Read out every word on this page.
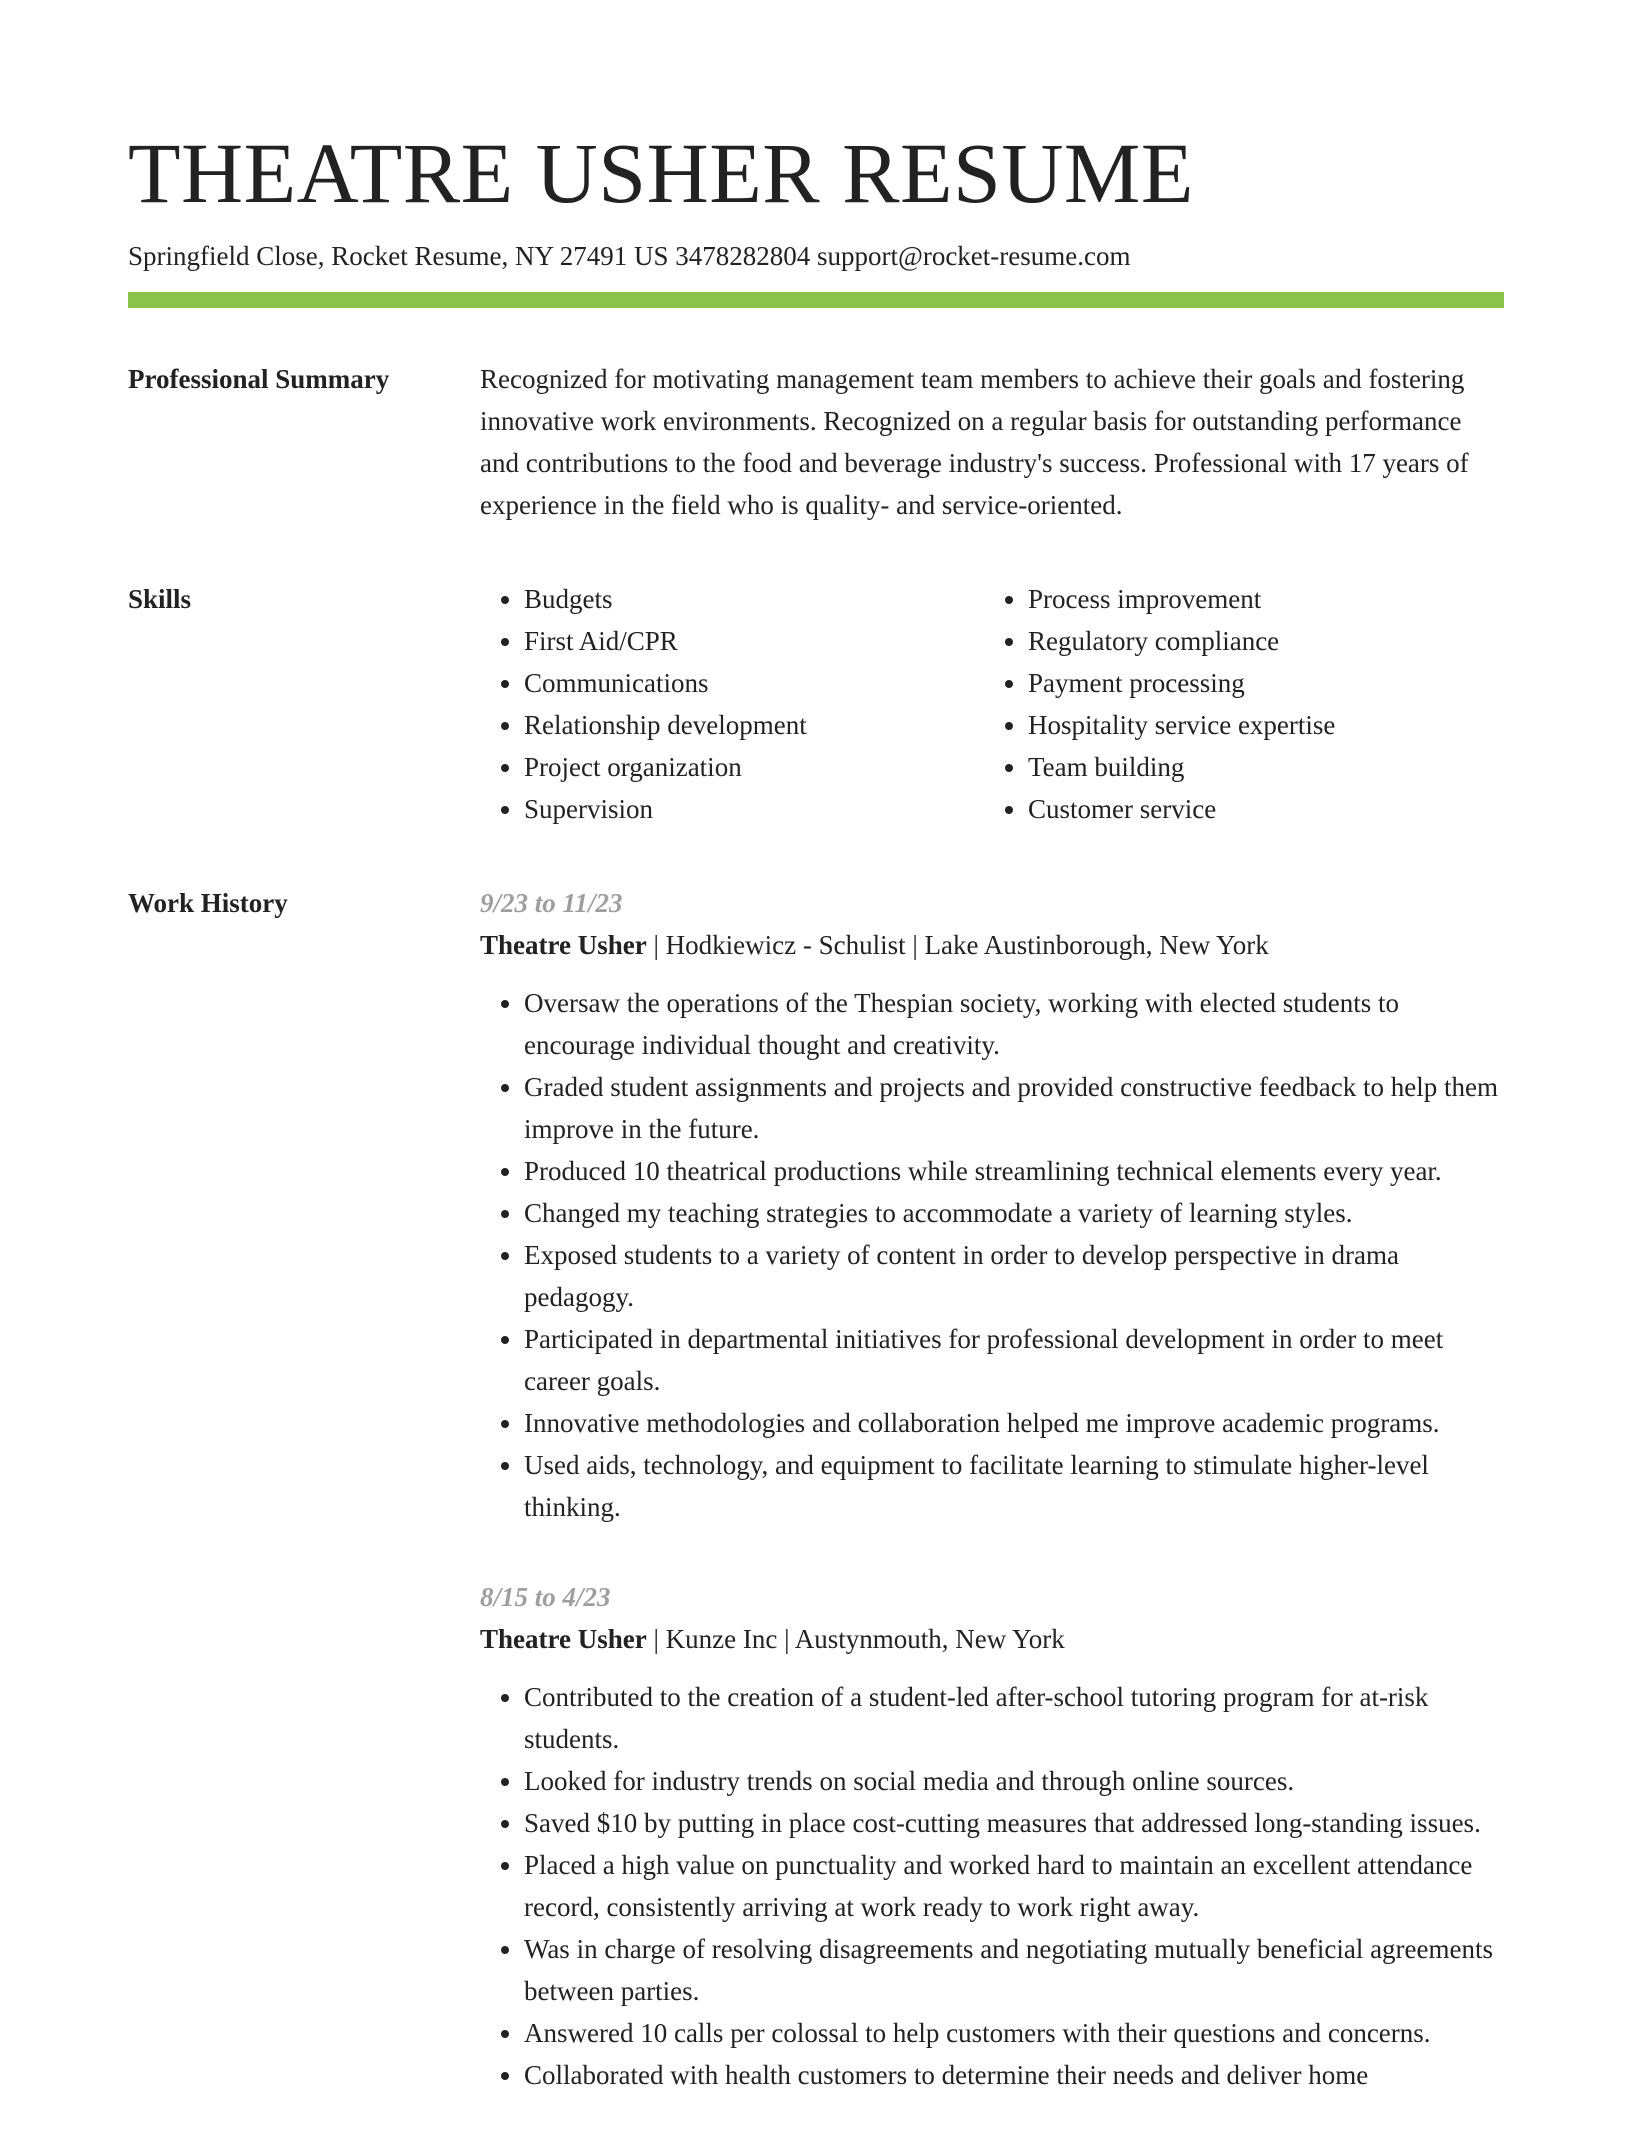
THEATRE USHER RESUME
Springfield Close, Rocket Resume, NY 27491 US 3478282804 support@rocket-resume.com
Professional Summary	Recognized for motivating management team members to achieve their goals and fostering innovative work environments. Recognized on a regular basis for outstanding performance and contributions to the food and beverage industry's success. Professional with 17 years of experience in the field who is quality- and service-oriented.

Skills
•	Budgets
• First Aid/CPR
• Communications
• Relationship development
• Project organization
• Supervision
• Process improvement
• Regulatory compliance
• Payment processing
• Hospitality service expertise
• Team building
• Customer service
Work History	9/23 to 11/23
Theatre Usher | Hodkiewicz - Schulist | Lake Austinborough, New York
• Oversaw the operations of the Thespian society, working with elected students to encourage individual thought and creativity.
• Graded student assignments and projects and provided constructive feedback to help them improve in the future.
• Produced 10 theatrical productions while streamlining technical elements every year.
• Changed my teaching strategies to accommodate a variety of learning styles.
• Exposed students to a variety of content in order to develop perspective in drama pedagogy.
• Participated in departmental initiatives for professional development in order to meet career goals.
• Innovative methodologies and collaboration helped me improve academic programs.
• Used aids, technology, and equipment to facilitate learning to stimulate higher-level thinking.
8/15 to 4/23
Theatre Usher | Kunze Inc | Austynmouth, New York
• Contributed to the creation of a student-led after-school tutoring program for at-risk students.
• Looked for industry trends on social media and through online sources.
• Saved $10 by putting in place cost-cutting measures that addressed long-standing issues.
• Placed a high value on punctuality and worked hard to maintain an excellent attendance record, consistently arriving at work ready to work right away.
• Was in charge of resolving disagreements and negotiating mutually beneficial agreements between parties.
• Answered 10 calls per colossal to help customers with their questions and concerns.
• Collaborated with health customers to determine their needs and deliver home
